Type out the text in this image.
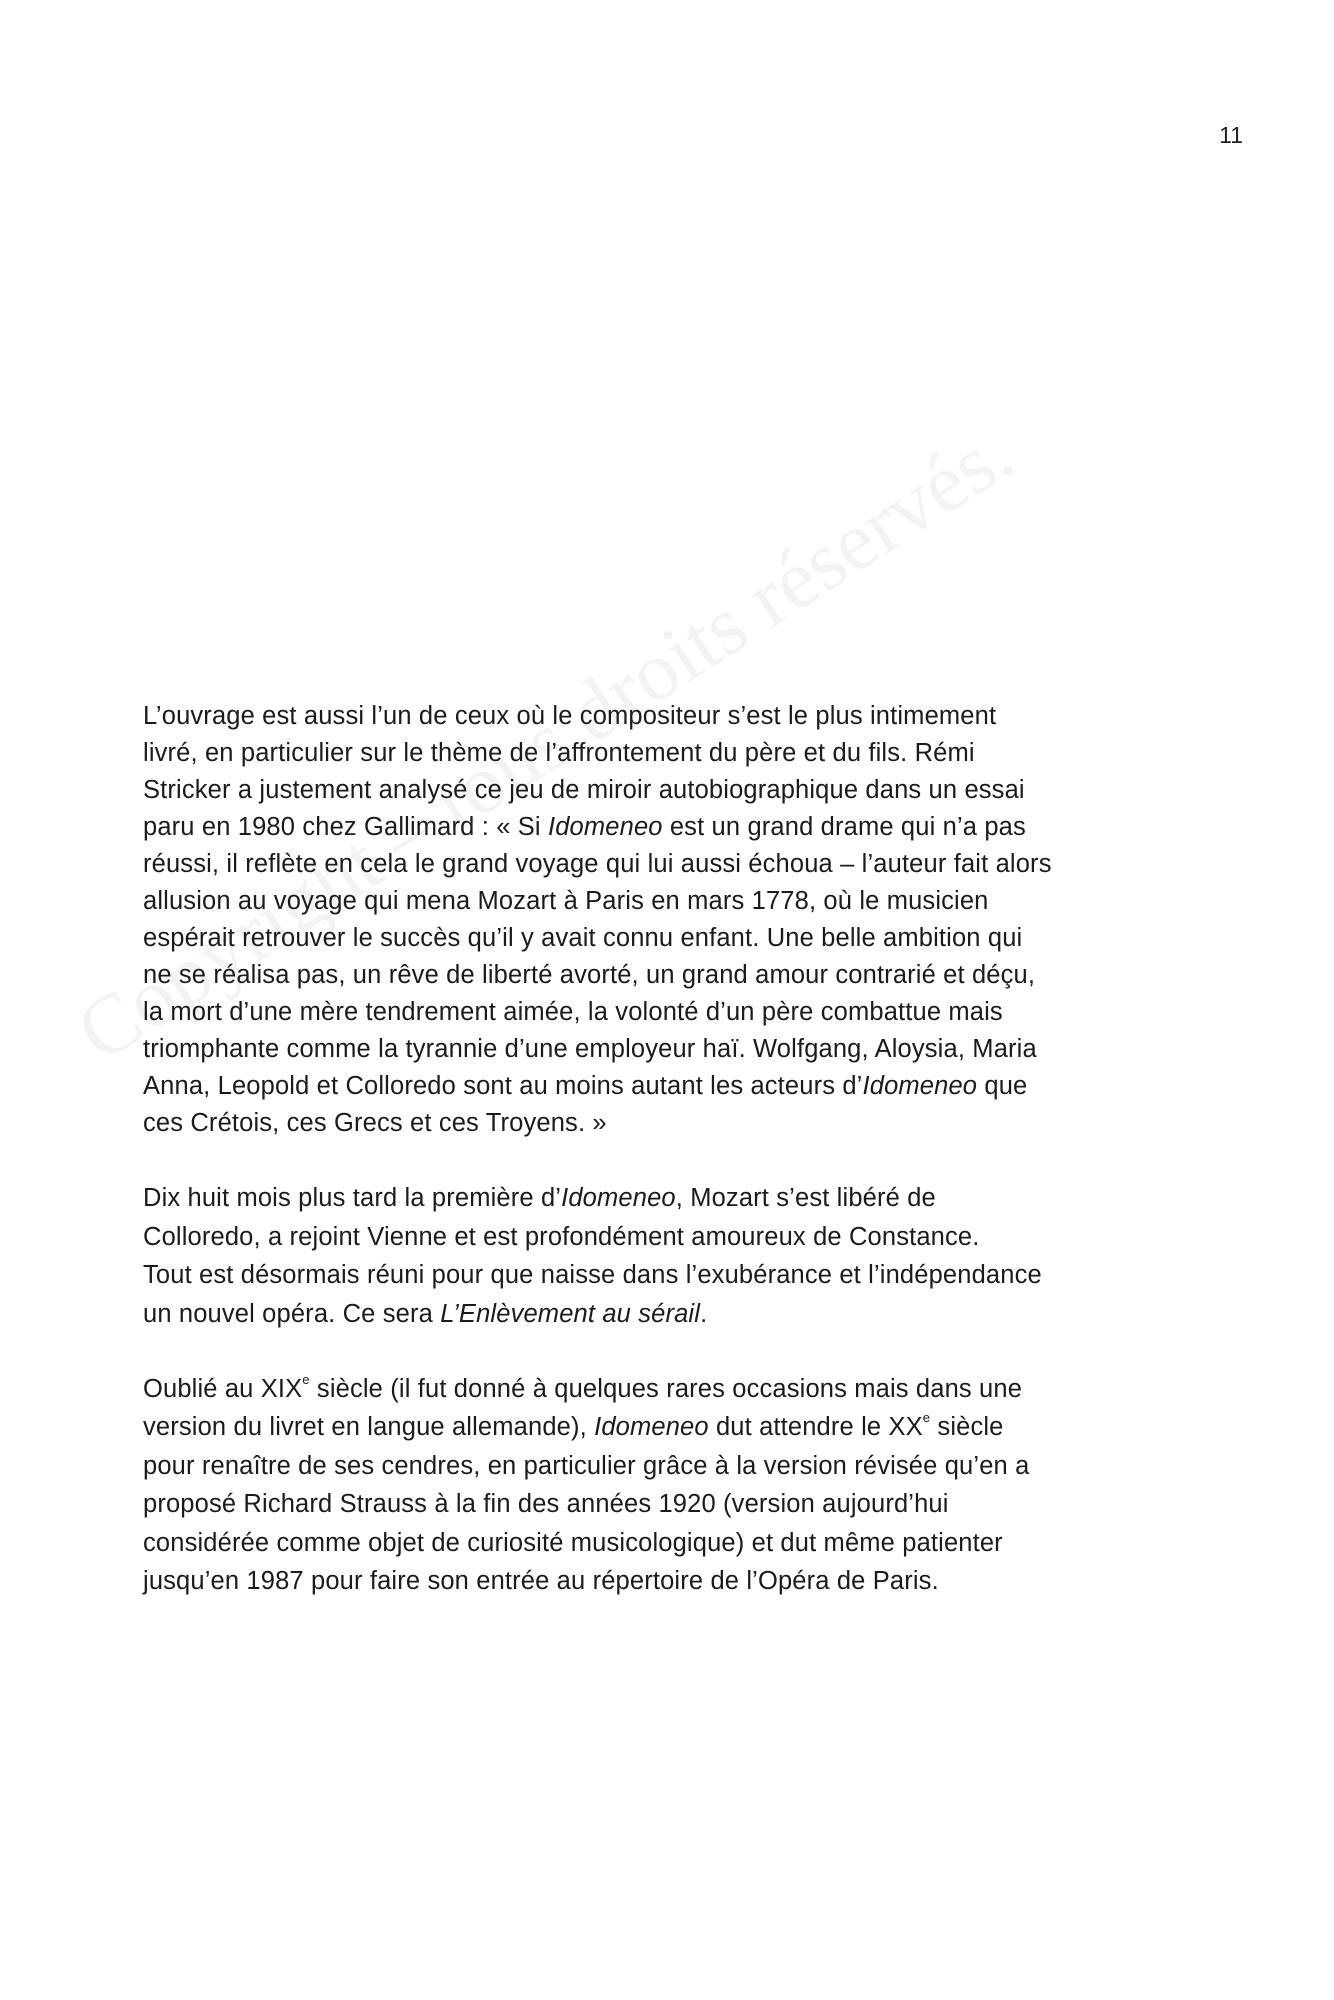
11
L’ouvrage est aussi l’un de ceux où le compositeur s’est le plus intimement
livré, en particulier sur le thème de l’affrontement du père et du fils. Rémi
Stricker a justement analysé ce jeu de miroir autobiographique dans un essai
paru en 1980 chez Gallimard : « Si Idomeneo est un grand drame qui n’a pas
réussi, il reflète en cela le grand voyage qui lui aussi échoua – l’auteur fait alors
allusion au voyage qui mena Mozart à Paris en mars 1778, où le musicien
espérait retrouver le succès qu’il y avait connu enfant. Une belle ambition qui
ne se réalisa pas, un rêve de liberté avorté, un grand amour contrarié et déçu,
la mort d’une mère tendrement aimée, la volonté d’un père combattue mais
triomphante comme la tyrannie d’une employeur haï. Wolfgang, Aloysia, Maria
Anna, Leopold et Colloredo sont au moins autant les acteurs d’Idomeneo que
ces Crétois, ces Grecs et ces Troyens. »
Dix huit mois plus tard la première d’Idomeneo, Mozart s’est libéré de
Colloredo, a rejoint Vienne et est profondément amoureux de Constance.
Tout est désormais réuni pour que naisse dans l’exubérance et l’indépendance
un nouvel opéra. Ce sera L’Enlèvement au sérail.
Oublié au XIXe siècle (il fut donné à quelques rares occasions mais dans une
version du livret en langue allemande), Idomeneo dut attendre le XXe siècle
pour renaître de ses cendres, en particulier grâce à la version révisée qu’en a
proposé Richard Strauss à la fin des années 1920 (version aujourd’hui
considérée comme objet de curiosité musicologique) et dut même patienter
jusqu’en 1987 pour faire son entrée au répertoire de l’Opéra de Paris.
